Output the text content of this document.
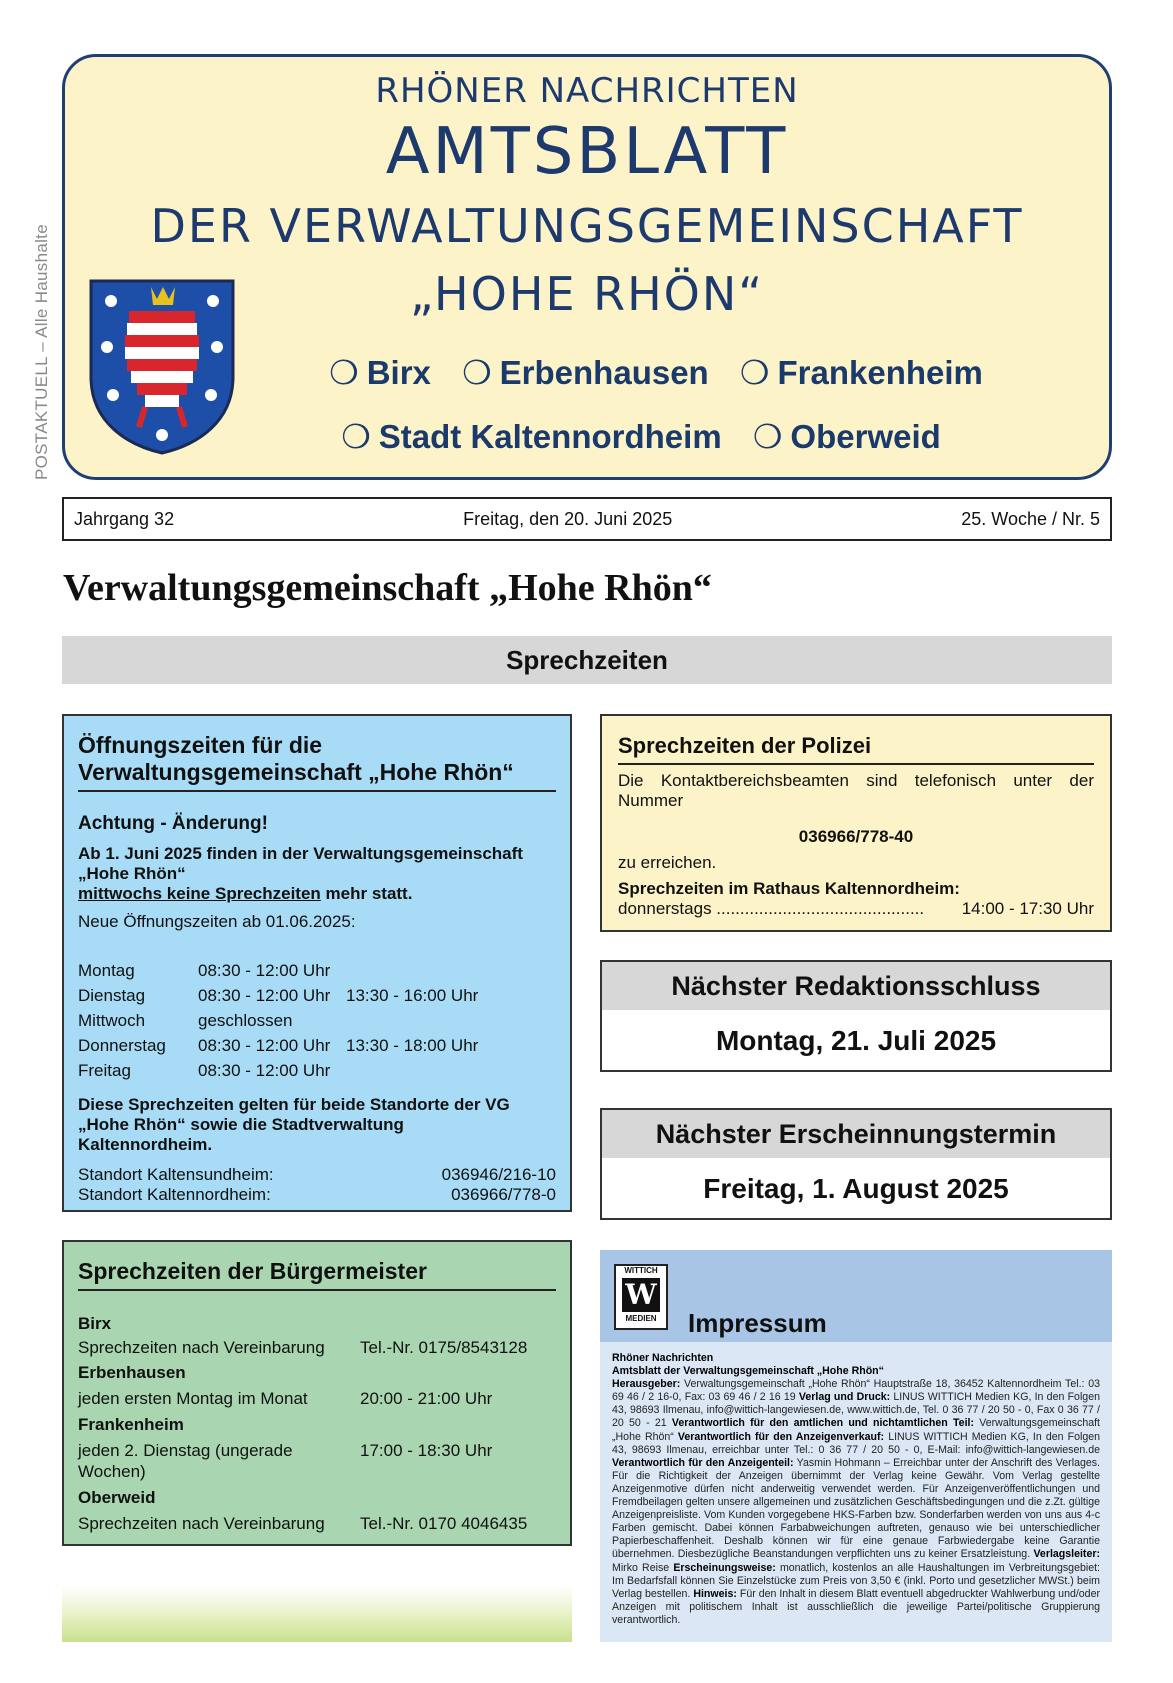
POSTAKTUELL – Alle Haushalte
RHÖNER NACHRICHTEN
AMTSBLATT
DER VERWALTUNGSGEMEINSCHAFT
„HOHE RHÖN“
❍ Birx ❍ Erbenhausen ❍ Frankenheim
❍ Stadt Kaltennordheim ❍ Oberweid
Jahrgang 32	Freitag, den 20. Juni 2025	25. Woche / Nr. 5
Verwaltungsgemeinschaft „Hohe Rhön“
Sprechzeiten
Öffnungszeiten für die Verwaltungsgemeinschaft „Hohe Rhön“
Achtung - Änderung!
Ab 1. Juni 2025 finden in der Verwaltungsgemeinschaft „Hohe Rhön“
mittwochs keine Sprechzeiten mehr statt.
Neue Öffnungszeiten ab 01.06.2025:
Montag	08:30 - 12:00 Uhr
Dienstag	08:30 - 12:00 Uhr 13:30 - 16:00 Uhr
Mittwoch	geschlossen
Donnerstag	08:30 - 12:00 Uhr 13:30 - 18:00 Uhr
Freitag	08:30 - 12:00 Uhr
Diese Sprechzeiten gelten für beide Standorte der VG „Hohe Rhön“ sowie die Stadtverwaltung Kaltennordheim.
Standort Kaltensundheim:	036946/216-10
Standort Kaltennordheim:	036966/778-0
Sprechzeiten der Bürgermeister
Birx
Sprechzeiten nach Vereinbarung	Tel.-Nr. 0175/8543128
Erbenhausen
jeden ersten Montag im Monat	20:00 - 21:00 Uhr
Frankenheim
jeden 2. Dienstag (ungerade Wochen)
17:00 - 18:30 Uhr
Oberweid
Sprechzeiten nach Vereinbarung	Tel.-Nr. 0170 4046435
Sprechzeiten der Polizei
Die Kontaktbereichsbeamten sind telefonisch unter der Nummer
036966/778-40
zu erreichen.
Sprechzeiten im Rathaus Kaltennordheim:
donnerstags ............................................ 14:00 - 17:30 Uhr
Nächster Redaktionsschluss
Montag, 21. Juli 2025
Nächster Erscheinnungstermin
Freitag, 1. August 2025
WITTICH
W
MEDIEN	Impressum
Rhöner Nachrichten
Amtsblatt der Verwaltungsgemeinschaft „Hohe Rhön“
Herausgeber: Verwaltungsgemeinschaft „Hohe Rhön“ Hauptstraße 18, 36452 Kaltennordheim Tel.: 03 69 46 / 2 16-0, Fax: 03 69 46 / 2 16 19 Verlag und Druck: LINUS WITTICH Medien KG, In den Folgen 43, 98693 Ilmenau, info@wittich-langewiesen.de, www.wittich.de, Tel. 0 36 77 / 20 50 - 0, Fax 0 36 77 / 20 50 - 21 Verantwortlich für den amtlichen und nichtamtlichen Teil: Verwaltungsgemeinschaft „Hohe Rhön“ Verantwortlich für den Anzeigenverkauf: LINUS WITTICH Medien KG, In den Folgen 43, 98693 Ilmenau, erreichbar unter Tel.: 0 36 77 / 20 50 - 0, E-Mail: info@wittich-langewiesen.de Verantwortlich für den Anzeigenteil: Yasmin Hohmann – Erreichbar unter der Anschrift des Verlages. Für die Richtigkeit der Anzeigen übernimmt der Verlag keine Gewähr. Vom Verlag gestellte Anzeigenmotive dürfen nicht anderweitig verwendet werden. Für Anzeigenveröffentlichungen und Fremdbeilagen gelten unsere allgemeinen und zusätzlichen Geschäftsbedingungen und die z.Zt. gültige Anzeigenpreisliste. Vom Kunden vorgegebene HKS-Farben bzw. Sonderfarben werden von uns aus 4-c Farben gemischt. Dabei können Farbabweichungen auftreten, genauso wie bei unterschiedlicher Papierbeschaffenheit. Deshalb können wir für eine genaue Farbwiedergabe keine Garantie übernehmen. Diesbezügliche Beanstandungen verpflichten uns zu keiner Ersatzleistung. Verlagsleiter: Mirko Reise Erscheinungsweise: monatlich, kostenlos an alle Haushaltungen im Verbreitungsgebiet: Im Bedarfsfall können Sie Einzelstücke zum Preis von 3,50 € (inkl. Porto und gesetzlicher MWSt.) beim Verlag bestellen. Hinweis: Für den Inhalt in diesem Blatt eventuell abgedruckter Wahlwerbung und/oder Anzeigen mit politischem Inhalt ist ausschließlich die jeweilige Partei/politische Gruppierung verantwortlich.
